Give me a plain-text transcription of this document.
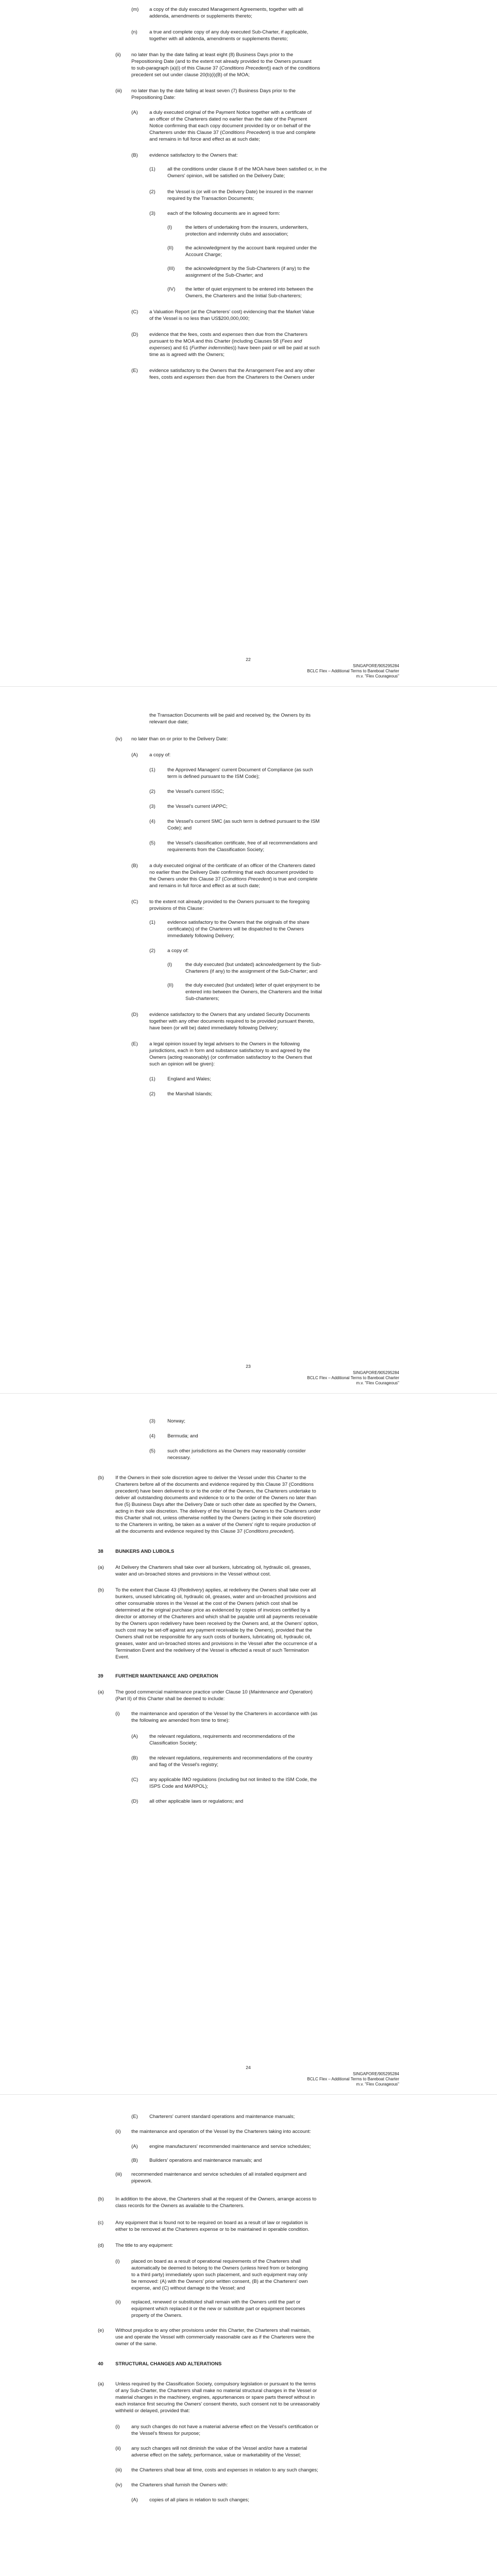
(m) a copy of the duly executed Management Agreements, together with all
addenda, amendments or supplements thereto;
(n) a true and complete copy of any duly executed Sub-Charter, if applicable,
together with all addenda, amendments or supplements thereto;
(ii) no later than by the date falling at least eight (8) Business Days prior to the
Prepositioning Date (and to the extent not already provided to the Owners pursuant
to sub-paragraph (a)(i) of this Clause 37 (Conditions Precedent)) each of the conditions
precedent set out under clause 20(b)(i)(B) of the MOA;
(iii) no later than by the date falling at least seven (7) Business Days prior to the
Prepositioning Date:
(A) a duly executed original of the Payment Notice together with a certificate of
an officer of the Charterers dated no earlier than the date of the Payment
Notice confirming that each copy document provided by or on behalf of the
Charterers under this Clause 37 (Conditions Precedent) is true and complete
and remains in full force and effect as at such date;
(B) evidence satisfactory to the Owners that:
(1) all the conditions under clause 8 of the MOA have been satisfied or, in the
Owners' opinion, will be satisfied on the Delivery Date;
(2) the Vessel is (or will on the Delivery Date) be insured in the manner
required by the Transaction Documents;
(3) each of the following documents are in agreed form:
(I)	the letters of undertaking from the insurers, underwriters,
protection and indemnity clubs and association;
(II) the acknowledgment by the account bank required under the
Account Charge;
(III) the acknowledgment by the Sub-Charterers (if any) to the
assignment of the Sub-Charter; and
(IV) the letter of quiet enjoyment to be entered into between the
Owners, the Charterers and the Initial Sub-charterers;
(C) a Valuation Report (at the Charterers' cost) evidencing that the Market Value
of the Vessel is no less than US$200,000,000;
(D) evidence that the fees, costs and expenses then due from the Charterers
pursuant to the MOA and this Charter (including Clauses 58 (Fees and
expenses) and 61 (Further indemnities)) have been paid or will be paid at such
time as is agreed with the Owners;
(E) evidence satisfactory to the Owners that the Arrangement Fee and any other
fees, costs and expenses then due from the Charterers to the Owners under
22
SINGAPORE/905295284
BCLC Flex – Additional Terms to Bareboat Charter
m.v. "Flex Courageous"
the Transaction Documents will be paid and received by, the Owners by its
relevant due date;
(iv) no later than on or prior to the Delivery Date:
(A) a copy of:
(1) the Approved Managers' current Document of Compliance (as such
term is defined pursuant to the ISM Code);
(2) the Vessel's current ISSC;
(3) the Vessel's current IAPPC;
(4) the Vessel's current SMC (as such term is defined pursuant to the ISM
Code); and
(5) the Vessel's classification certificate, free of all recommendations and
requirements from the Classification Society;
(B) a duly executed original of the certificate of an officer of the Charterers dated
no earlier than the Delivery Date confirming that each document provided to
the Owners under this Clause 37 (Conditions Precedent) is true and complete
and remains in full force and effect as at such date;
(C) to the extent not already provided to the Owners pursuant to the foregoing
provisions of this Clause:
(1) evidence satisfactory to the Owners that the originals of the share
certificate(s) of the Charterers will be dispatched to the Owners
immediately following Delivery;
(2) a copy of:
(I)	the duly executed (but undated) acknowledgement by the Sub-
Charterers (if any) to the assignment of the Sub-Charter; and
(II) the duly executed (but undated) letter of quiet enjoyment to be
entered into between the Owners, the Charterers and the Initial
Sub-charterers;
(D) evidence satisfactory to the Owners that any undated Security Documents
together with any other documents required to be provided pursuant thereto,
have been (or will be) dated immediately following Delivery;
(E) a legal opinion issued by legal advisers to the Owners in the following
jurisdictions, each in form and substance satisfactory to and agreed by the
Owners (acting reasonably) (or confirmation satisfactory to the Owners that
such an opinion will be given):
(1) England and Wales;
(2) the Marshall Islands;
23
SINGAPORE/905295284
BCLC Flex – Additional Terms to Bareboat Charter
m.v. "Flex Courageous"
(3) Norway;
(4) Bermuda; and
(5) such other jurisdictions as the Owners may reasonably consider
necessary.
(b) If the Owners in their sole discretion agree to deliver the Vessel under this Charter to the
Charterers before all of the documents and evidence required by this Clause 37 (Conditions
precedent) have been delivered to or to the order of the Owners, the Charterers undertake to
deliver all outstanding documents and evidence to or to the order of the Owners no later than
five (5) Business Days after the Delivery Date or such other date as specified by the Owners,
acting in their sole discretion. The delivery of the Vessel by the Owners to the Charterers under
this Charter shall not, unless otherwise notified by the Owners (acting in their sole discretion)
to the Charterers in writing, be taken as a waiver of the Owners' right to require production of
all the documents and evidence required by this Clause 37 (Conditions precedent).
38 BUNKERS AND LUBOILS
(a) At Delivery the Charterers shall take over all bunkers, lubricating oil, hydraulic oil, greases,
water and un-broached stores and provisions in the Vessel without cost.
(b) To the extent that Clause 43 (Redelivery) applies, at redelivery the Owners shall take over all
bunkers, unused lubricating oil, hydraulic oil, greases, water and un-broached provisions and
other consumable stores in the Vessel at the cost of the Owners (which cost shall be
determined at the original purchase price as evidenced by copies of invoices certified by a
director or attorney of the Charterers and which shall be payable until all payments receivable
by the Owners upon redelivery have been received by the Owners and, at the Owners' option,
such cost may be set-off against any payment receivable by the Owners), provided that the
Owners shall not be responsible for any such costs of bunkers, lubricating oil, hydraulic oil,
greases, water and un-broached stores and provisions in the Vessel after the occurrence of a
Termination Event and the redelivery of the Vessel is effected a result of such Termination
Event.
39 FURTHER MAINTENANCE AND OPERATION
(a) The good commercial maintenance practice under Clause 10 (Maintenance and Operation)
(Part II) of this Charter shall be deemed to include:
(i) the maintenance and operation of the Vessel by the Charterers in accordance with (as
the following are amended from time to time):
(A) the relevant regulations, requirements and recommendations of the
Classification Society;
(B) the relevant regulations, requirements and recommendations of the country
and flag of the Vessel's registry;
(C) any applicable IMO regulations (including but not limited to the ISM Code, the
ISPS Code and MARPOL);
(D) all other applicable laws or regulations; and
24
SINGAPORE/905295284
BCLC Flex – Additional Terms to Bareboat Charter
m.v. "Flex Courageous"
(E) Charterers' current standard operations and maintenance manuals;
(ii) the maintenance and operation of the Vessel by the Charterers taking into account:
(A) engine manufacturers' recommended maintenance and service schedules;
(B) Builders' operations and maintenance manuals; and
(iii) recommended maintenance and service schedules of all installed equipment and
pipework.
(b) In addition to the above, the Charterers shall at the request of the Owners, arrange access to
class records for the Owners as available to the Charterers.
(c) Any equipment that is found not to be required on board as a result of law or regulation is
either to be removed at the Charterers expense or to be maintained in operable condition.
(d) The title to any equipment:
(i) placed on board as a result of operational requirements of the Charterers shall
automatically be deemed to belong to the Owners (unless hired from or belonging
to a third party) immediately upon such placement, and such equipment may only
be removed: (A) with the Owners' prior written consent, (B) at the Charterers' own
expense, and (C) without damage to the Vessel; and
(ii) replaced, renewed or substituted shall remain with the Owners until the part or
equipment which replaced it or the new or substitute part or equipment becomes
property of the Owners.
(e) Without prejudice to any other provisions under this Charter, the Charterers shall maintain,
use and operate the Vessel with commercially reasonable care as if the Charterers were the
owner of the same.
40 STRUCTURAL CHANGES AND ALTERATIONS
(a) Unless required by the Classification Society, compulsory legislation or pursuant to the terms
of any Sub-Charter, the Charterers shall make no material structural changes in the Vessel or
material changes in the machinery, engines, appurtenances or spare parts thereof without in
each instance first securing the Owners' consent thereto, such consent not to be unreasonably
withheld or delayed, provided that:
(i) any such changes do not have a material adverse effect on the Vessel's certification or
the Vessel's fitness for purpose;
(ii) any such changes will not diminish the value of the Vessel and/or have a material
adverse effect on the safety, performance, value or marketability of the Vessel;
(iii) the Charterers shall bear all time, costs and expenses in relation to any such changes;
(iv) the Charterers shall furnish the Owners with:
(A) copies of all plans in relation to such changes;
